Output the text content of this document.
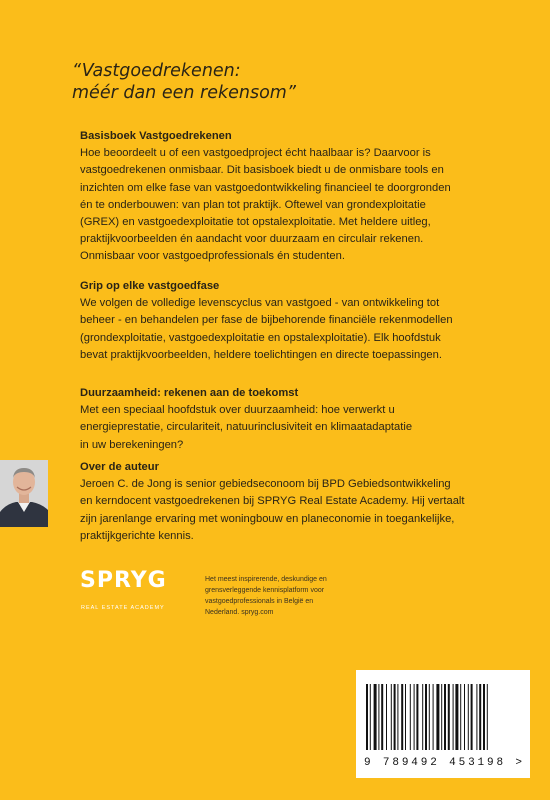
“Vastgoedrekenen:
méér dan een rekensom”
Basisboek Vastgoedrekenen

Hoe beoordeelt u of een vastgoedproject écht haalbaar is? Daarvoor is
vastgoedrekenen onmisbaar. Dit basisboek biedt u de onmisbare tools en
inzichten om elke fase van vastgoedontwikkeling financieel te doorgronden
én te onderbouwen: van plan tot praktijk. Oftewel van grondexploitatie
(GREX) en vastgoedexploitatie tot opstalexploitatie. Met heldere uitleg,
praktijkvoorbeelden én aandacht voor duurzaam en circulair rekenen.
Onmisbaar voor vastgoedprofessionals én studenten.

Grip op elke vastgoedfase

We volgen de volledige levenscyclus van vastgoed - van ontwikkeling tot
beheer - en behandelen per fase de bijbehorende financiële rekenmodellen
(grondexploitatie, vastgoedexploitatie en opstalexploitatie). Elk hoofdstuk
bevat praktijkvoorbeelden, heldere toelichtingen en directe toepassingen.

Duurzaamheid: rekenen aan de toekomst

Met een speciaal hoofdstuk over duurzaamheid: hoe verwerkt u
energieprestatie, circulariteit, natuurinclusiviteit en klimaatadaptatie
in uw berekeningen?

Over de auteur

Jeroen C. de Jong is senior gebiedseconoom bij BPD Gebiedsontwikkeling
en kerndocent vastgoedrekenen bij SPRYG Real Estate Academy. Hij vertaalt
zijn jarenlange ervaring met woningbouw en planeconomie in toegankelijke,
praktijkgerichte kennis.

SPRYG
REAL ESTATE ACADEMY
Het meest inspirerende, deskundige en
grensverleggende kennisplatform voor
vastgoedprofessionals in België en
Nederland. spryg.com
9 789492 453198 >
